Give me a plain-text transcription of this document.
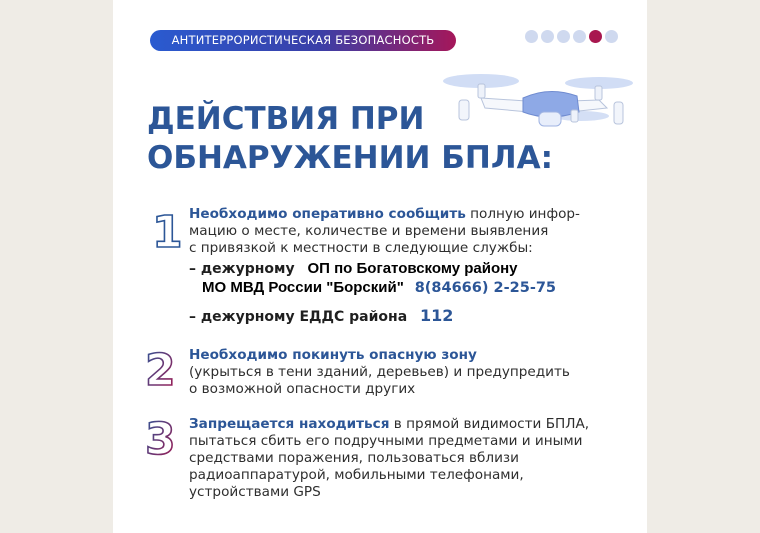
АНТИТЕРРОРИСТИЧЕСКАЯ БЕЗОПАСНОСТЬ
ДЕЙСТВИЯ ПРИ
ОБНАРУЖЕНИИ БПЛА:
1 Необходимо оперативно сообщить полную инфор-
мацию о месте, количестве и времени выявления
с привязкой к местности в следующие службы:
– дежурному ОП по Богатовскому району
МО МВД России "Борский" 8(84666) 2-25-75
– дежурному ЕДДС района 112
2 Необходимо покинуть опасную зону
(укрыться в тени зданий, деревьев) и предупредить
о возможной опасности других
3 Запрещается находиться в прямой видимости БПЛА,
пытаться сбить его подручными предметами и иными
средствами поражения, пользоваться вблизи
радиоаппаратурой, мобильными телефонами,
устройствами GPS
